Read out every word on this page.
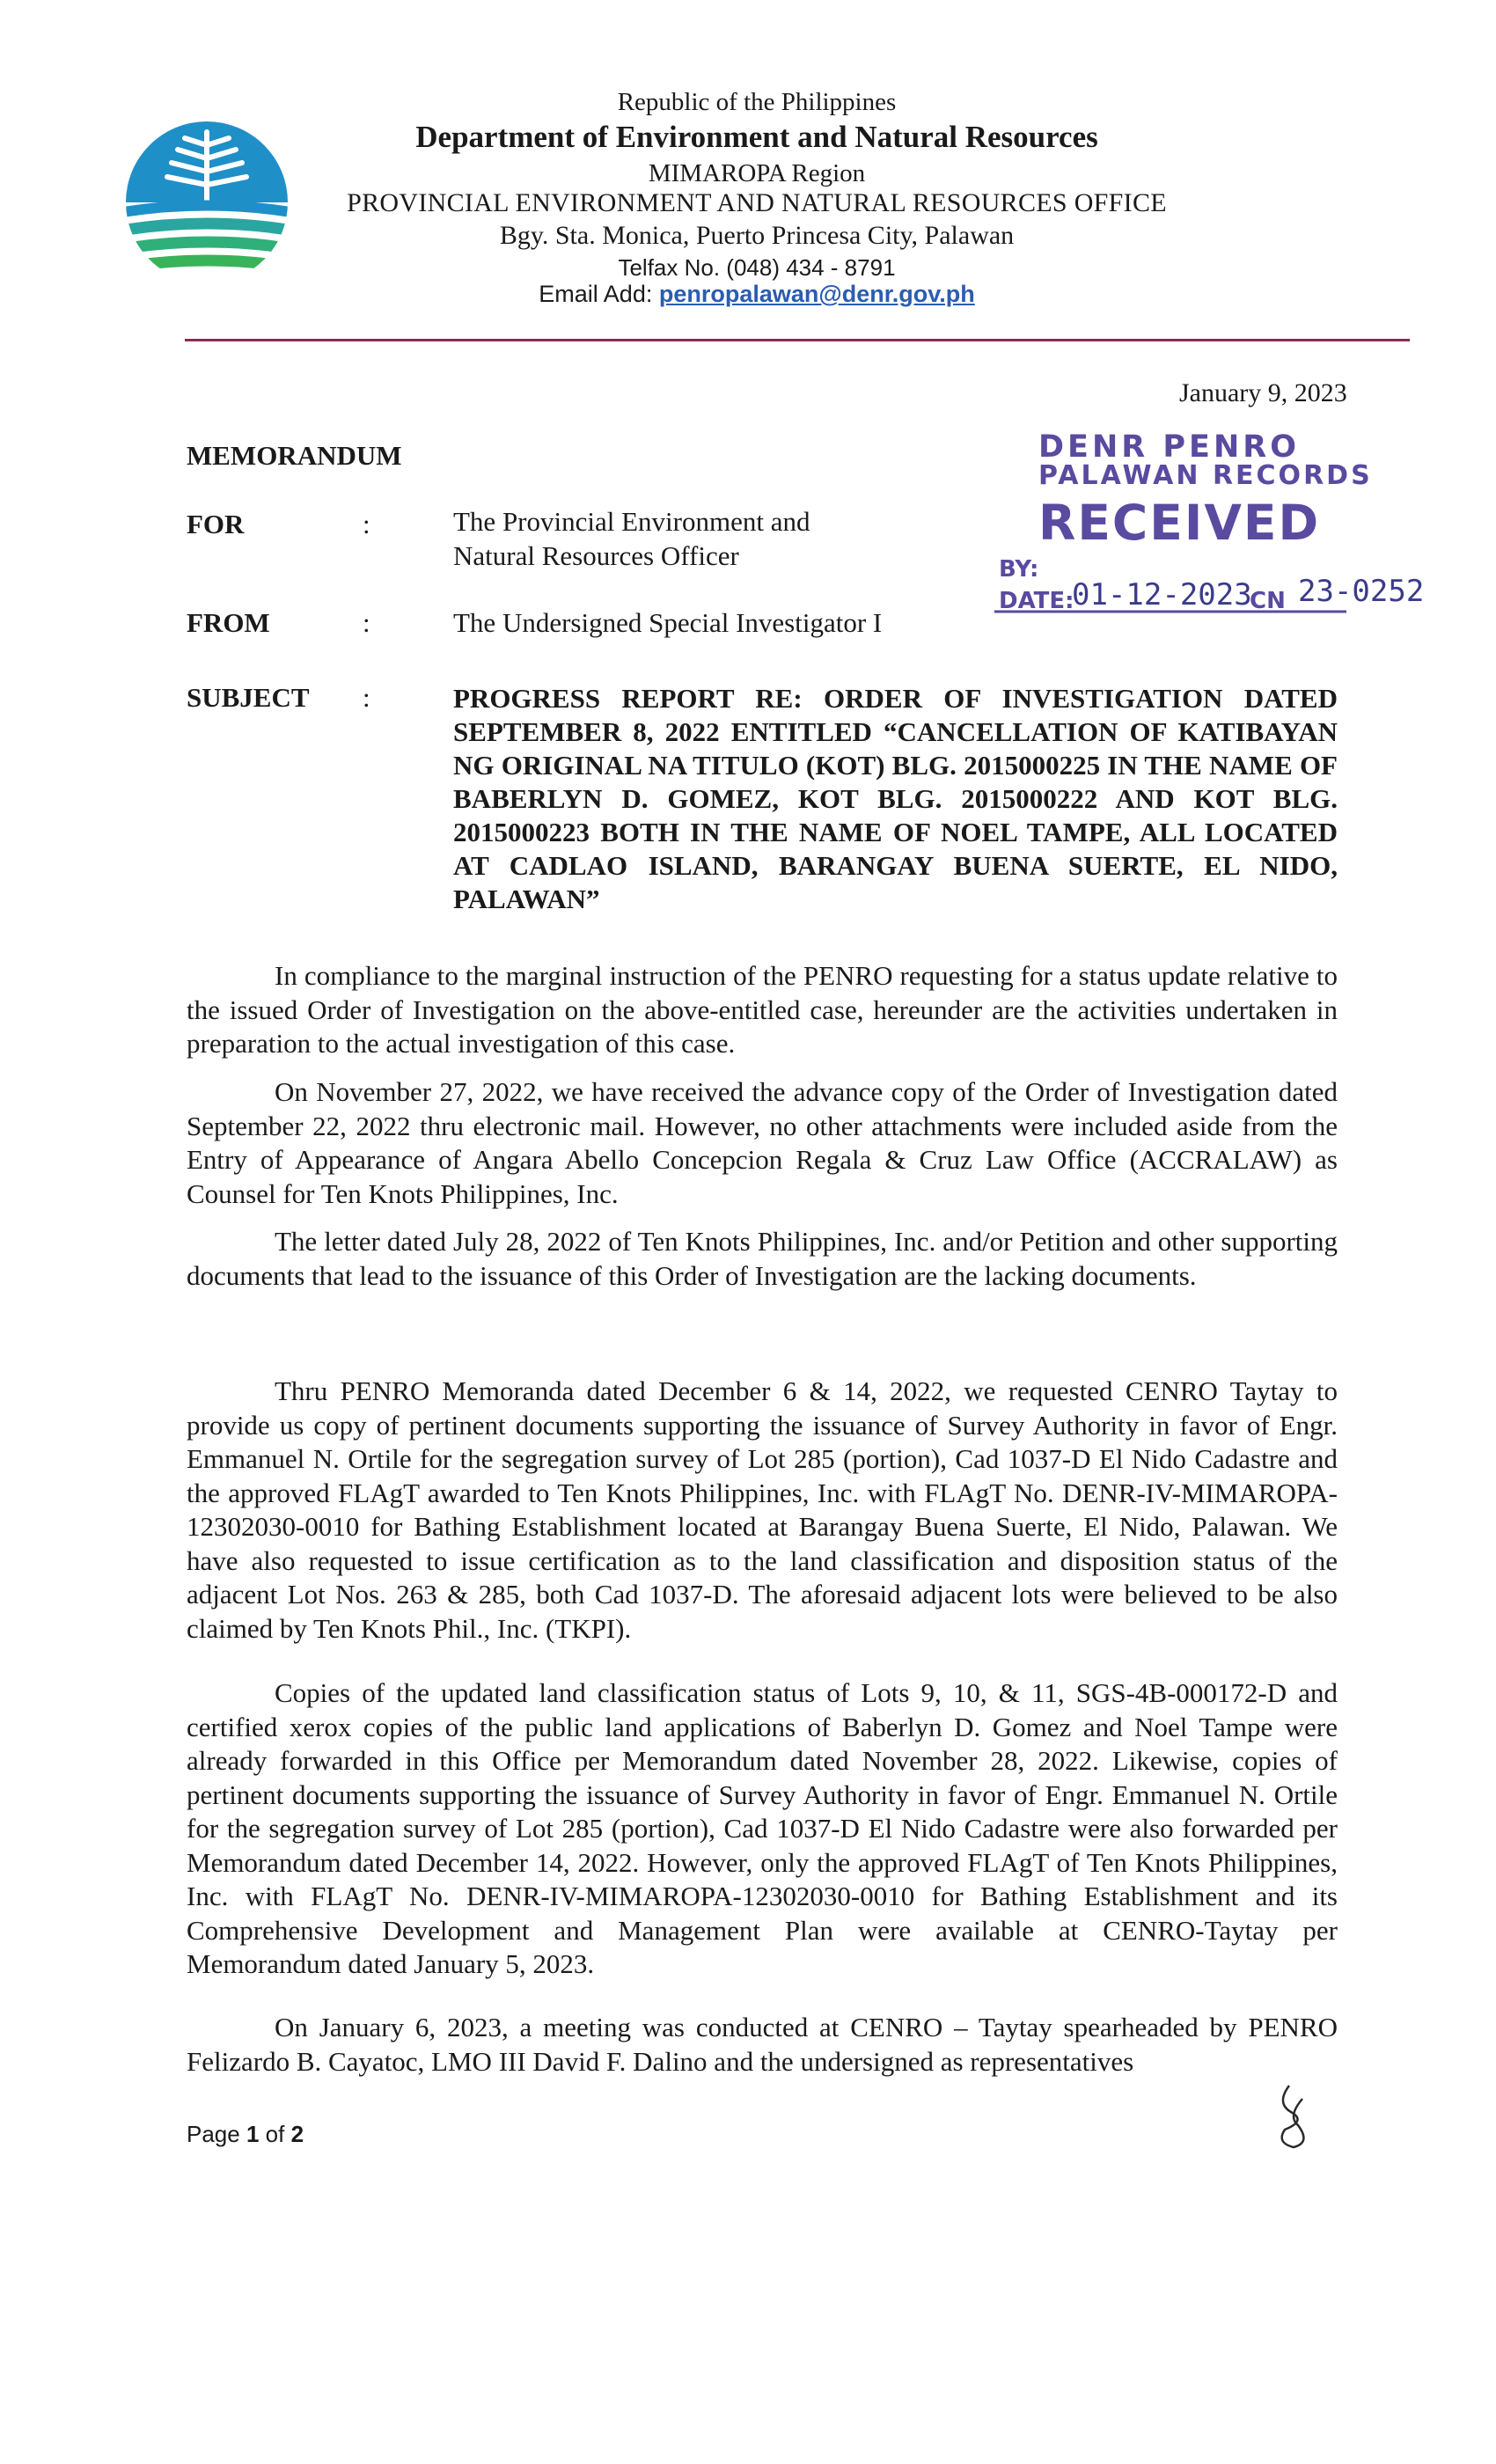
Republic of the Philippines
Department of Environment and Natural Resources
MIMAROPA Region
PROVINCIAL ENVIRONMENT AND NATURAL RESOURCES OFFICE
Bgy. Sta. Monica, Puerto Princesa City, Palawan
Telfax No. (048) 434 - 8791
Email Add: penropalawan@denr.gov.ph
January 9, 2023
MEMORANDUM	DENR PENRO
PALAWAN RECORDS
RECEIVED
BY:
DATE:
01-12-2023
CN 23-0252
FOR	:	The Provincial Environment and
Natural Resources Officer
FROM	:	The Undersigned Special Investigator I
SUBJECT :	PROGRESS REPORT RE: ORDER OF INVESTIGATION DATED SEPTEMBER 8, 2022 ENTITLED “CANCELLATION OF KATIBAYAN NG ORIGINAL NA TITULO (KOT) BLG. 2015000225 IN THE NAME OF BABERLYN D. GOMEZ, KOT BLG. 2015000222 AND KOT BLG. 2015000223 BOTH IN THE NAME OF NOEL TAMPE, ALL LOCATED AT CADLAO ISLAND, BARANGAY BUENA SUERTE, EL NIDO, PALAWAN”
In compliance to the marginal instruction of the PENRO requesting for a status update relative to the issued Order of Investigation on the above-entitled case, hereunder are the activities undertaken in preparation to the actual investigation of this case.
On November 27, 2022, we have received the advance copy of the Order of Investigation dated September 22, 2022 thru electronic mail. However, no other attachments were included aside from the Entry of Appearance of Angara Abello Concepcion Regala & Cruz Law Office (ACCRALAW) as Counsel for Ten Knots Philippines, Inc.
The letter dated July 28, 2022 of Ten Knots Philippines, Inc. and/or Petition and other supporting documents that lead to the issuance of this Order of Investigation are the lacking documents.
Thru PENRO Memoranda dated December 6 & 14, 2022, we requested CENRO Taytay to provide us copy of pertinent documents supporting the issuance of Survey Authority in favor of Engr. Emmanuel N. Ortile for the segregation survey of Lot 285 (portion), Cad 1037-D El Nido Cadastre and the approved FLAgT awarded to Ten Knots Philippines, Inc. with FLAgT No. DENR-IV-MIMAROPA-12302030-0010 for Bathing Establishment located at Barangay Buena Suerte, El Nido, Palawan. We have also requested to issue certification as to the land classification and disposition status of the adjacent Lot Nos. 263 & 285, both Cad 1037-D. The aforesaid adjacent lots were believed to be also claimed by Ten Knots Phil., Inc. (TKPI).
Copies of the updated land classification status of Lots 9, 10, & 11, SGS-4B-000172-D and certified xerox copies of the public land applications of Baberlyn D. Gomez and Noel Tampe were already forwarded in this Office per Memorandum dated November 28, 2022. Likewise, copies of pertinent documents supporting the issuance of Survey Authority in favor of Engr. Emmanuel N. Ortile for the segregation survey of Lot 285 (portion), Cad 1037-D El Nido Cadastre were also forwarded per Memorandum dated December 14, 2022. However, only the approved FLAgT of Ten Knots Philippines, Inc. with FLAgT No. DENR-IV-MIMAROPA-12302030-0010 for Bathing Establishment and its Comprehensive Development and Management Plan were available at CENRO-Taytay per Memorandum dated January 5, 2023.
On January 6, 2023, a meeting was conducted at CENRO – Taytay spearheaded by PENRO Felizardo B. Cayatoc, LMO III David F. Dalino and the undersigned as representatives
Page 1 of 2
